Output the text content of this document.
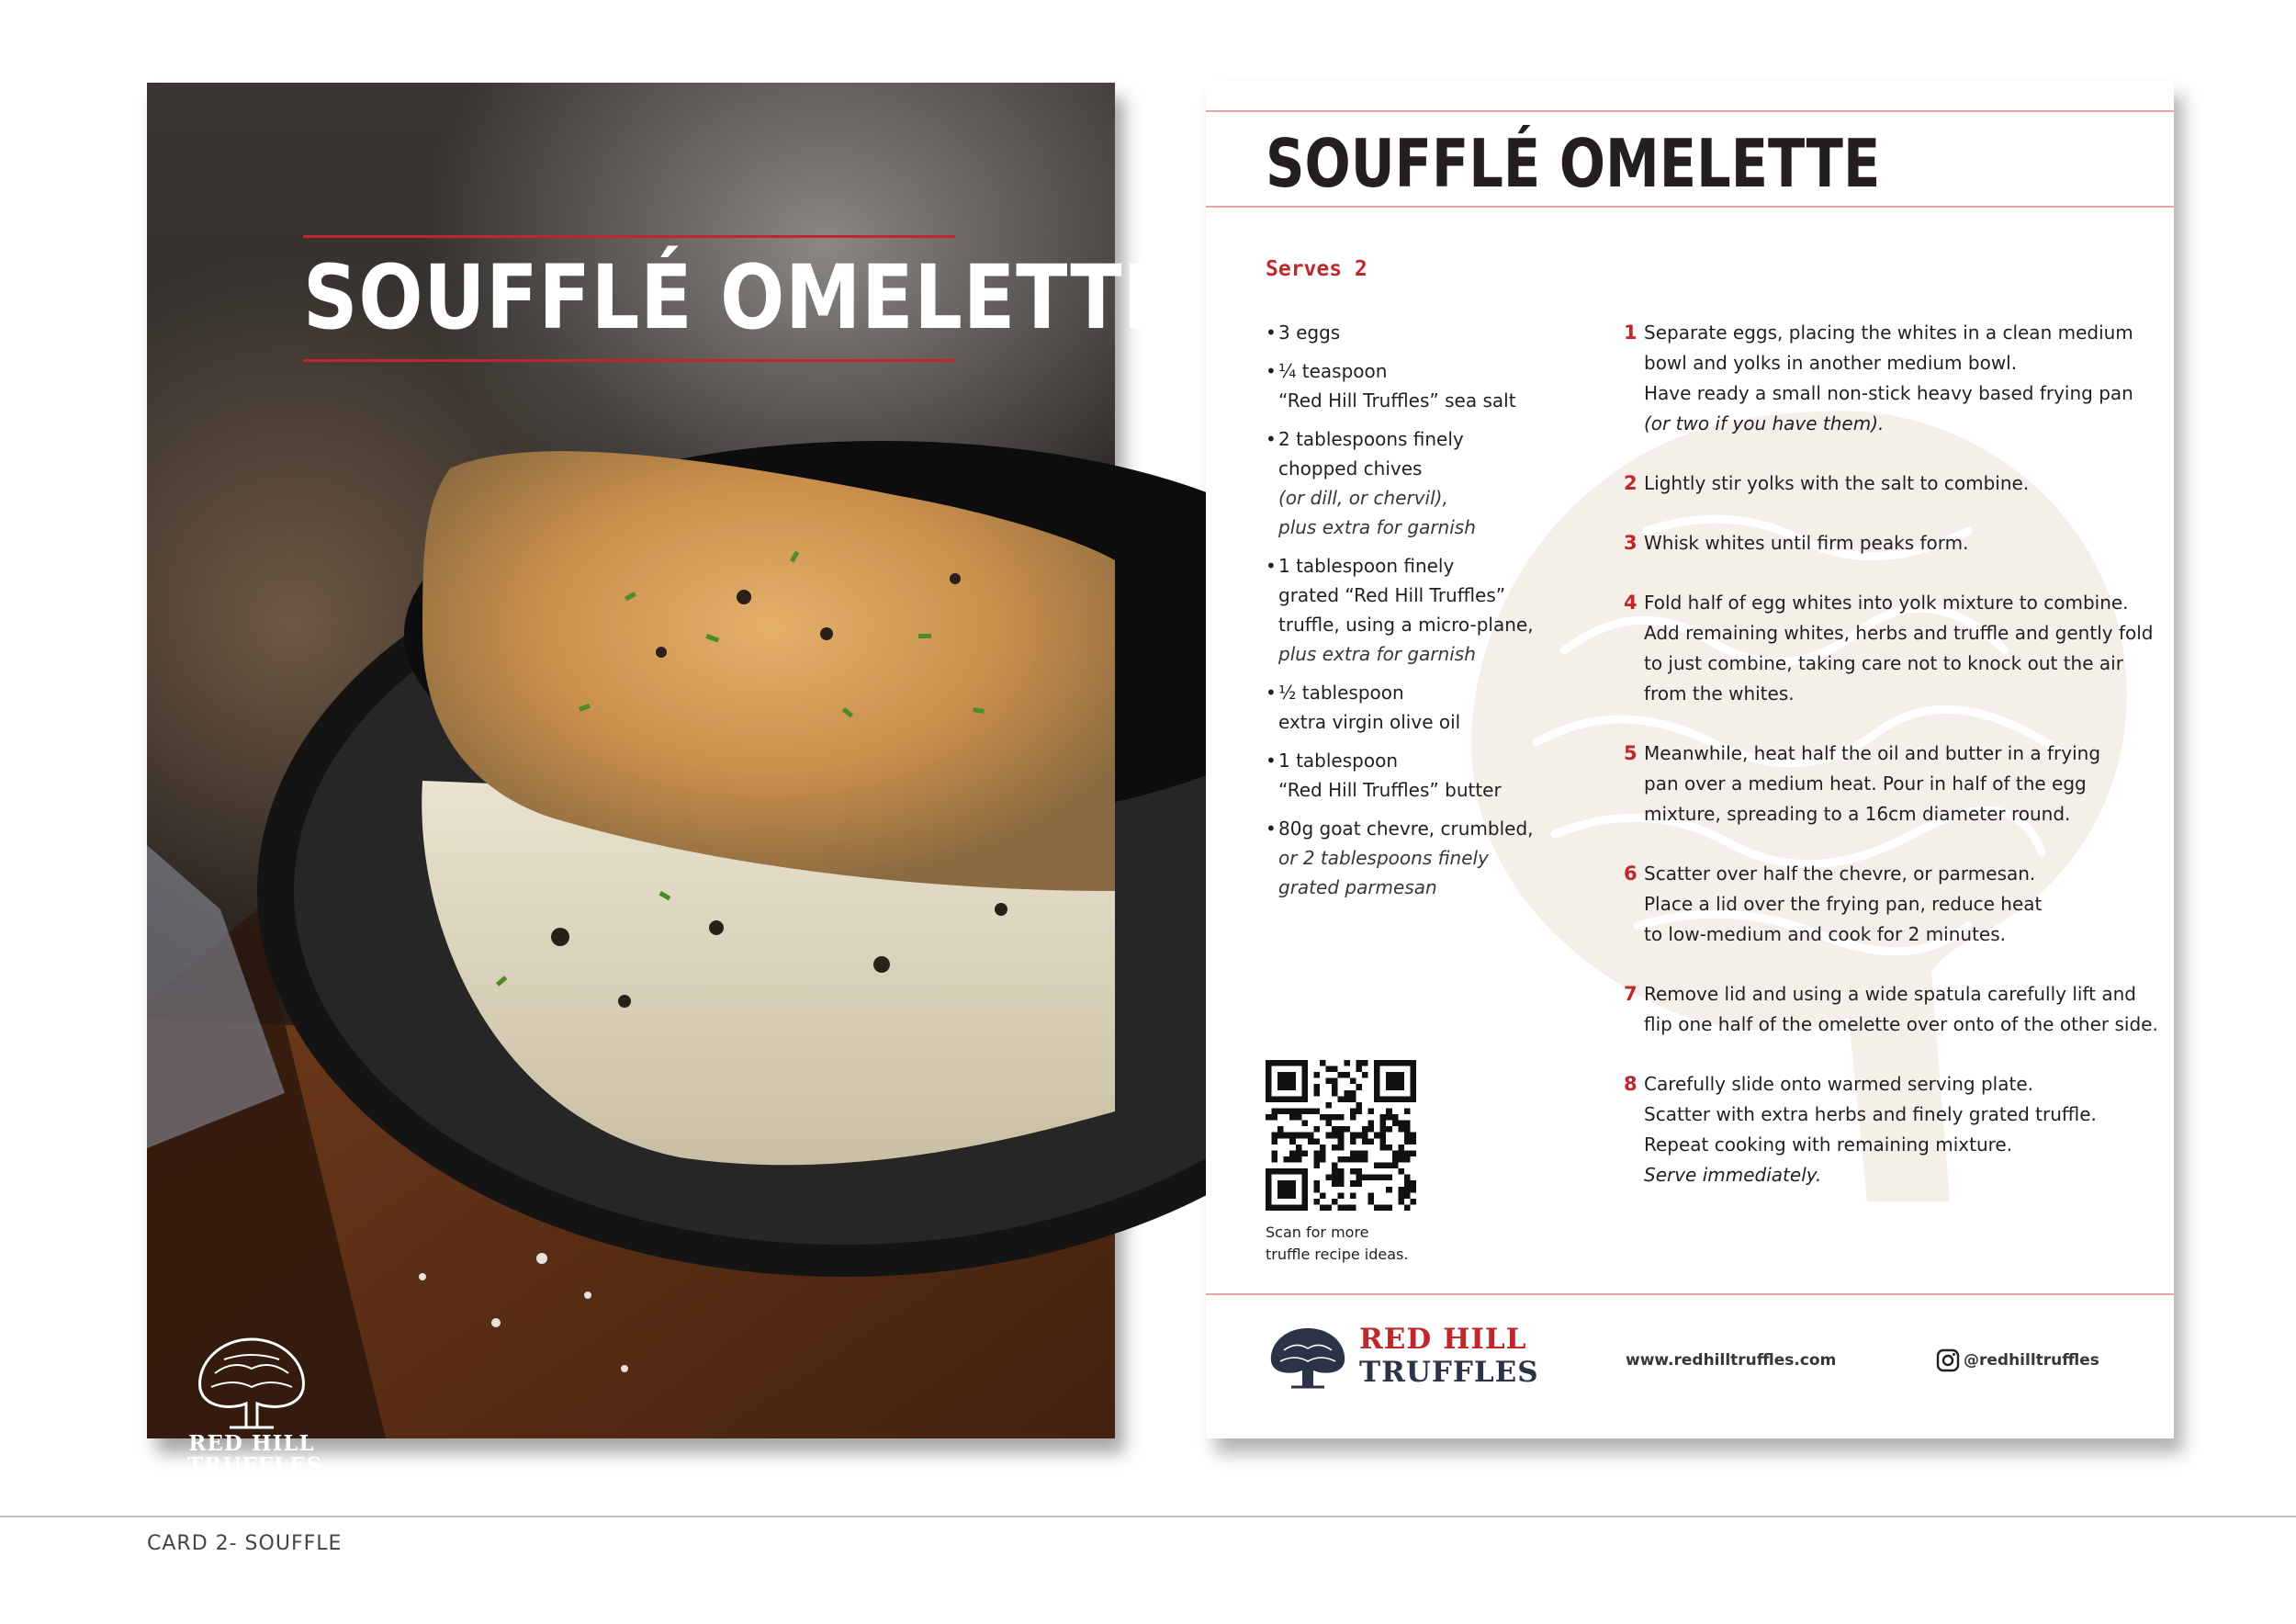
SOUFFLÉ OMELETTE
RED HILL
TRUFFLES
SOUFFLÉ OMELETTE
Serves 2
• 3 eggs
• ¼ teaspoon
“Red Hill Truffles” sea salt
• 2 tablespoons finely
chopped chives
(or dill, or chervil),
plus extra for garnish
• 1 tablespoon finely
grated “Red Hill Truffles”
truffle, using a micro-plane,
plus extra for garnish
• ½ tablespoon
extra virgin olive oil
• 1 tablespoon
“Red Hill Truffles” butter
• 80g goat chevre, crumbled,
or 2 tablespoons finely
grated parmesan
1 Separate eggs, placing the whites in a clean medium
bowl and yolks in another medium bowl.
Have ready a small non-stick heavy based frying pan
(or two if you have them).
2 Lightly stir yolks with the salt to combine.
3 Whisk whites until firm peaks form.
4 Fold half of egg whites into yolk mixture to combine.
Add remaining whites, herbs and truffle and gently fold
to just combine, taking care not to knock out the air
from the whites.
5 Meanwhile, heat half the oil and butter in a frying
pan over a medium heat. Pour in half of the egg
mixture, spreading to a 16cm diameter round.
6 Scatter over half the chevre, or parmesan.
Place a lid over the frying pan, reduce heat
to low-medium and cook for 2 minutes.
7 Remove lid and using a wide spatula carefully lift and
flip one half of the omelette over onto of the other side.
8 Carefully slide onto warmed serving plate.
Scatter with extra herbs and finely grated truffle.
Repeat cooking with remaining mixture.
Serve immediately.
Scan for more
truffle recipe ideas.
RED HILL
TRUFFLES	www.redhilltruffles.com	@redhilltruffles
CARD 2- SOUFFLE
